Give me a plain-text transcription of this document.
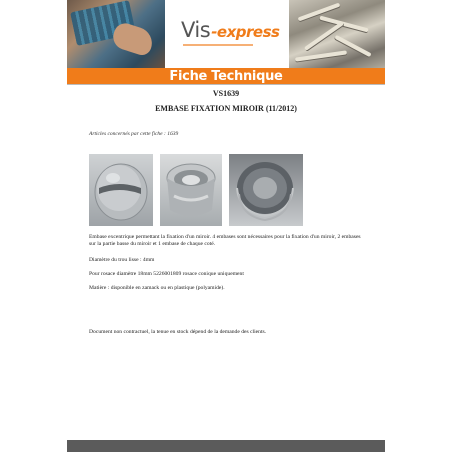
Vis-express
Fiche Technique
VS1639
EMBASE FIXATION MIROIR (11/2012)
Articles concernés par cette fiche : 1639
Embase excentrique permettant la fixation d'un miroir. 4 embases sont nécessaires pour la fixation d'un miroir, 2 embases sur la partie basse du miroir et 1 embase de chaque coté.
Diamètre du trou lisse : 4mm
Pour rosace diamètre 18mm 5226001809 rosace conique uniquement
Matière : disponible en zamack ou en plastique (polyamide).
Document non contractuel, la tenue en stock dépend de la demande des clients.
